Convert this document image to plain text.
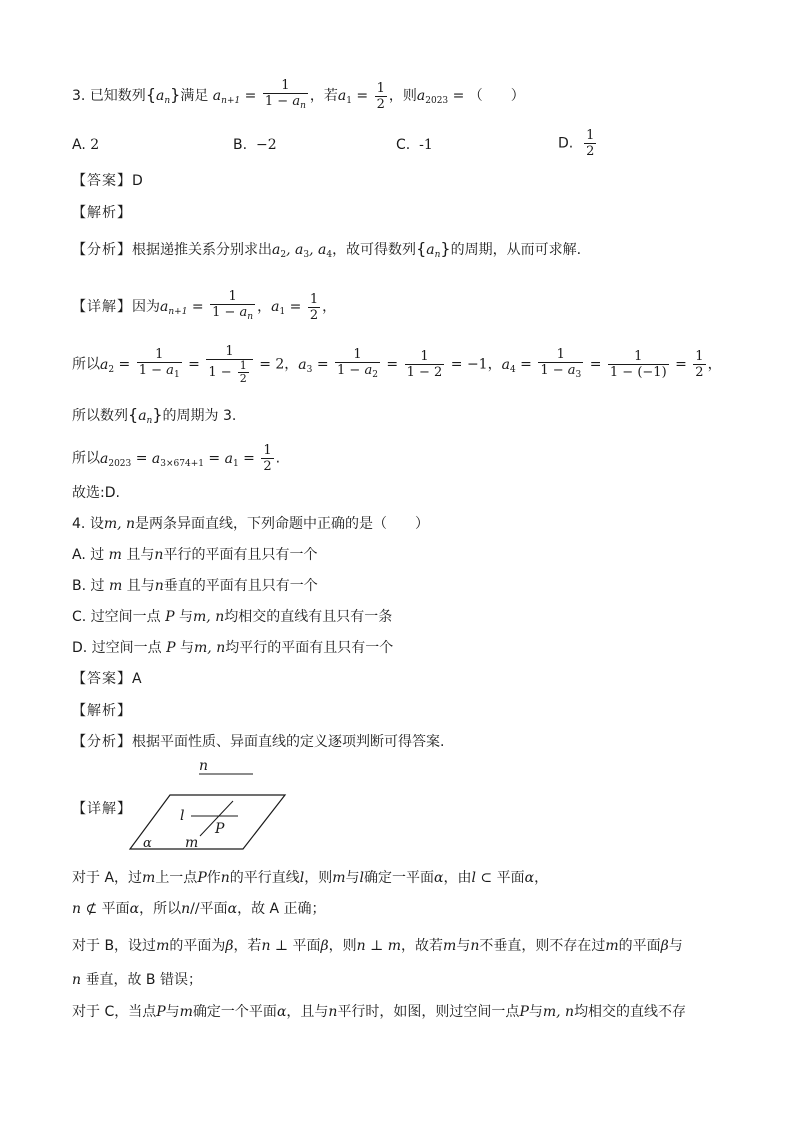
3. 已知数列$\{a_n\}$满足 $a_{n+1} = \frac{1}{1 - a_n}$ ，若$a_1 = \frac{1}{2}$ ，则$a_{2023}$ = （　　）
A. 2	B. −2	C. -1	D. $\frac{1}{2}$
【答案】D
【解析】
【分析】根据递推关系分别求出$a_2$, $a_3$, $a_4$，故可得数列$\{a_n\}$的周期，从而可求解.
【详解】因为$a_{n+1} = \frac{1}{1 - a_n}$ ，$a_1 = \frac{1}{2}$ ，
所以$a_2 = \frac{1}{1 - a_1} = \frac{1}{1 - \frac{1}{2}} = 2$，$a_3 = \frac{1}{1 - a_2} = \frac{1}{1 - 2} = -1$，$a_4 = \frac{1}{1 - a_3} = \frac{1}{1 - (-1)} = \frac{1}{2}$ ，
所以数列$\{a_n\}$的周期为 3.
所以$a_{2023} = a_{3\times 674+1} = a_1 = \frac{1}{2}$ .
故选:D.
4. 设m, n是两条异面直线，下列命题中正确的是（　　）
A. 过 m 且与n平行的平面有且只有一个
B. 过 m 且与n垂直的平面有且只有一个
C. 过空间一点 P 与m, n均相交的直线有且只有一条
D. 过空间一点 P 与m, n均平行的平面有且只有一个
【答案】A
【解析】
【分析】根据平面性质、异面直线的定义逐项判断可得答案.
【详解】
n
l
P
α m
对于 A，过m上一点P作n的平行直线l，则m与l确定一平面α，由l ⊂ 平面α，
n ⊄ 平面α，所以n//平面α，故 A 正确；
对于 B，设过m的平面为β，若n ⊥ 平面β，则n ⊥ m，故若m与n不垂直，则不存在过m的平面β与
n 垂直，故 B 错误；
对于 C，当点P与m确定一个平面α，且与n平行时，如图，则过空间一点P与m, n均相交的直线不存
